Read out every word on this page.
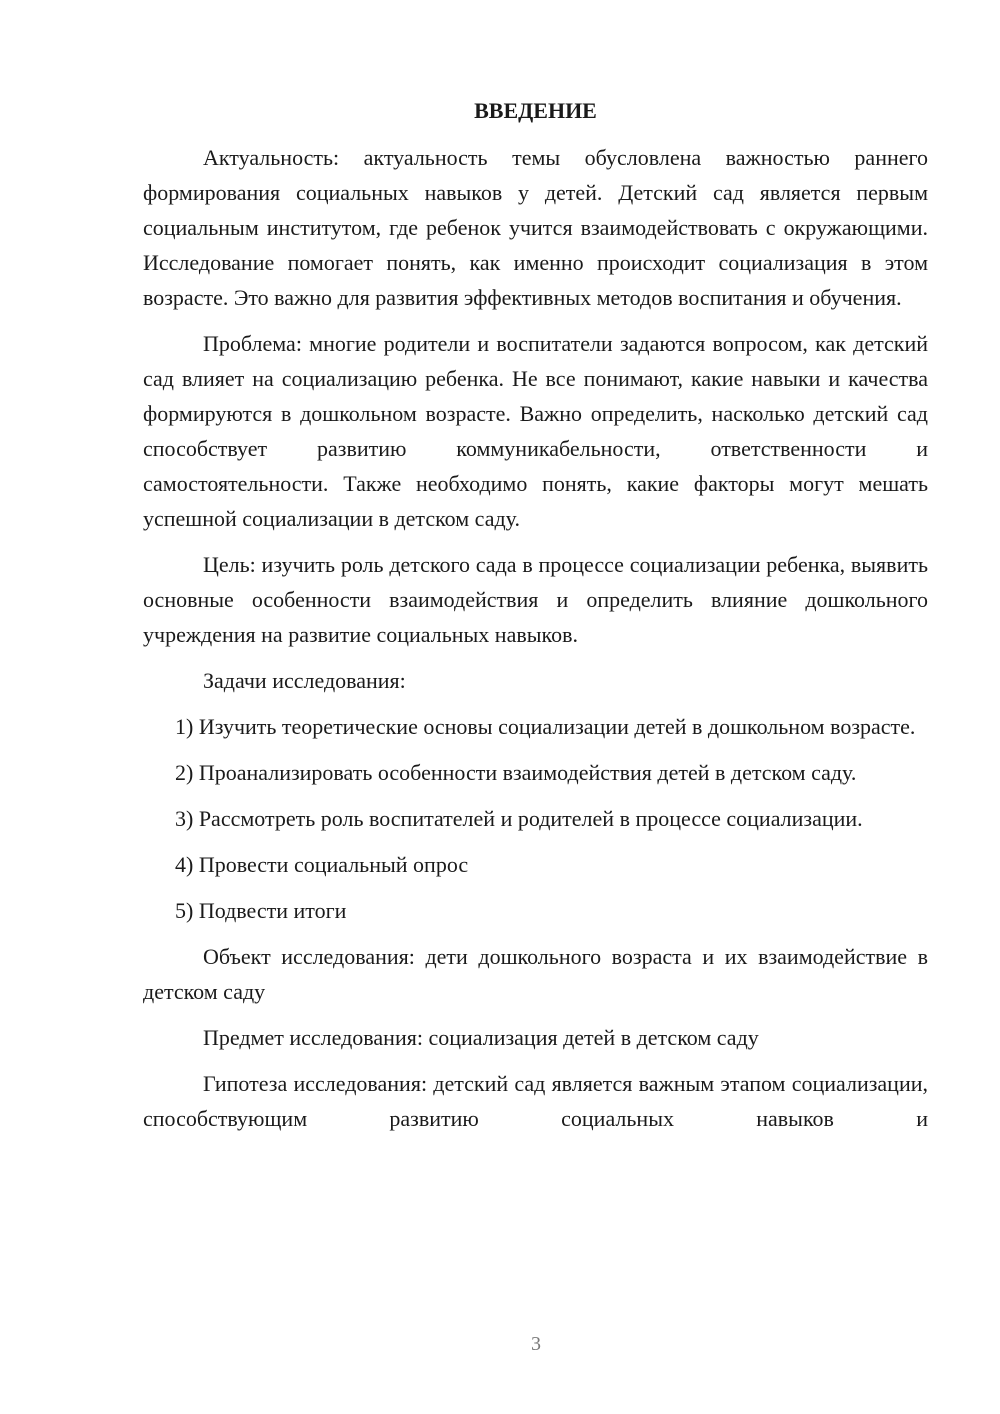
ВВЕДЕНИЕ

Актуальность: актуальность темы обусловлена важностью раннего формирования социальных навыков у детей. Детский сад является первым социальным институтом, где ребенок учится взаимодействовать с окружающими. Исследование помогает понять, как именно происходит социализация в этом возрасте. Это важно для развития эффективных методов воспитания и обучения.

Проблема: многие родители и воспитатели задаются вопросом, как детский сад влияет на социализацию ребенка. Не все понимают, какие навыки и качества формируются в дошкольном возрасте. Важно определить, насколько детский сад способствует развитию коммуникабельности, ответственности и самостоятельности. Также необходимо понять, какие факторы могут мешать успешной социализации в детском саду.

Цель: изучить роль детского сада в процессе социализации ребенка, выявить основные особенности взаимодействия и определить влияние дошкольного учреждения на развитие социальных навыков.

Задачи исследования:

1) Изучить теоретические основы социализации детей в дошкольном возрасте.

2) Проанализировать особенности взаимодействия детей в детском саду.

3) Рассмотреть роль воспитателей и родителей в процессе социализации.

4) Провести социальный опрос

5) Подвести итоги

Объект исследования: дети дошкольного возраста и их взаимодействие в детском саду

Предмет исследования: социализация детей в детском саду

Гипотеза исследования: детский сад является важным этапом социализации, способствующим развитию социальных навыков и

3
